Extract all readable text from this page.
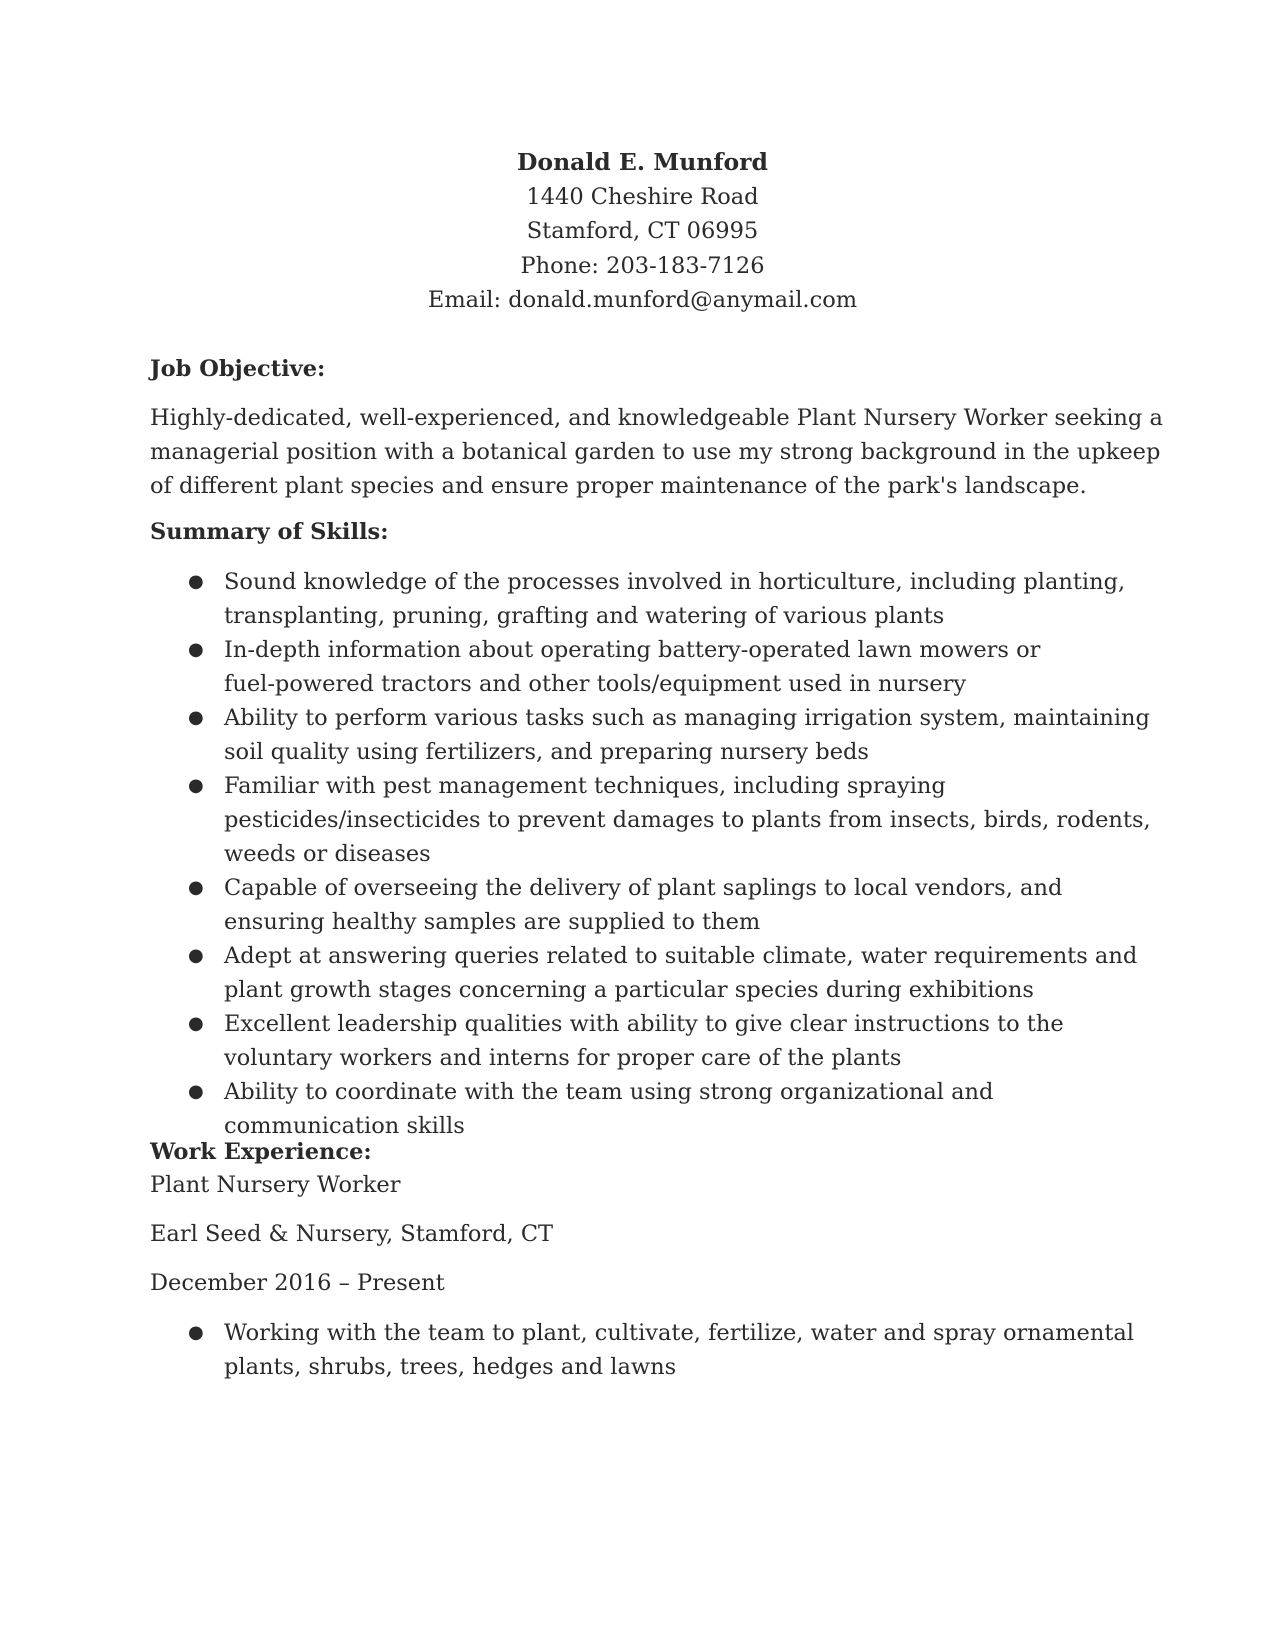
Donald E. Munford
1440 Cheshire Road
Stamford, CT 06995
Phone: 203-183-7126
Email: donald.munford@anymail.com
Job Objective:

Highly-dedicated, well-experienced, and knowledgeable Plant Nursery Worker seeking a

managerial position with a botanical garden to use my strong background in the upkeep

of different plant species and ensure proper maintenance of the park's landscape.

Summary of Skills:
● Sound knowledge of the processes involved in horticulture, including planting,
transplanting, pruning, grafting and watering of various plants
● In-depth information about operating battery-operated lawn mowers or
fuel-powered tractors and other tools/equipment used in nursery
● Ability to perform various tasks such as managing irrigation system, maintaining
soil quality using fertilizers, and preparing nursery beds
● Familiar with pest management techniques, including spraying
pesticides/insecticides to prevent damages to plants from insects, birds, rodents,
weeds or diseases
● Capable of overseeing the delivery of plant saplings to local vendors, and
ensuring healthy samples are supplied to them
● Adept at answering queries related to suitable climate, water requirements and
plant growth stages concerning a particular species during exhibitions
● Excellent leadership qualities with ability to give clear instructions to the
voluntary workers and interns for proper care of the plants
● Ability to coordinate with the team using strong organizational and
communication skills
Work Experience:
Plant Nursery Worker
Earl Seed & Nursery, Stamford, CT
December 2016 – Present
● Working with the team to plant, cultivate, fertilize, water and spray ornamental
plants, shrubs, trees, hedges and lawns
